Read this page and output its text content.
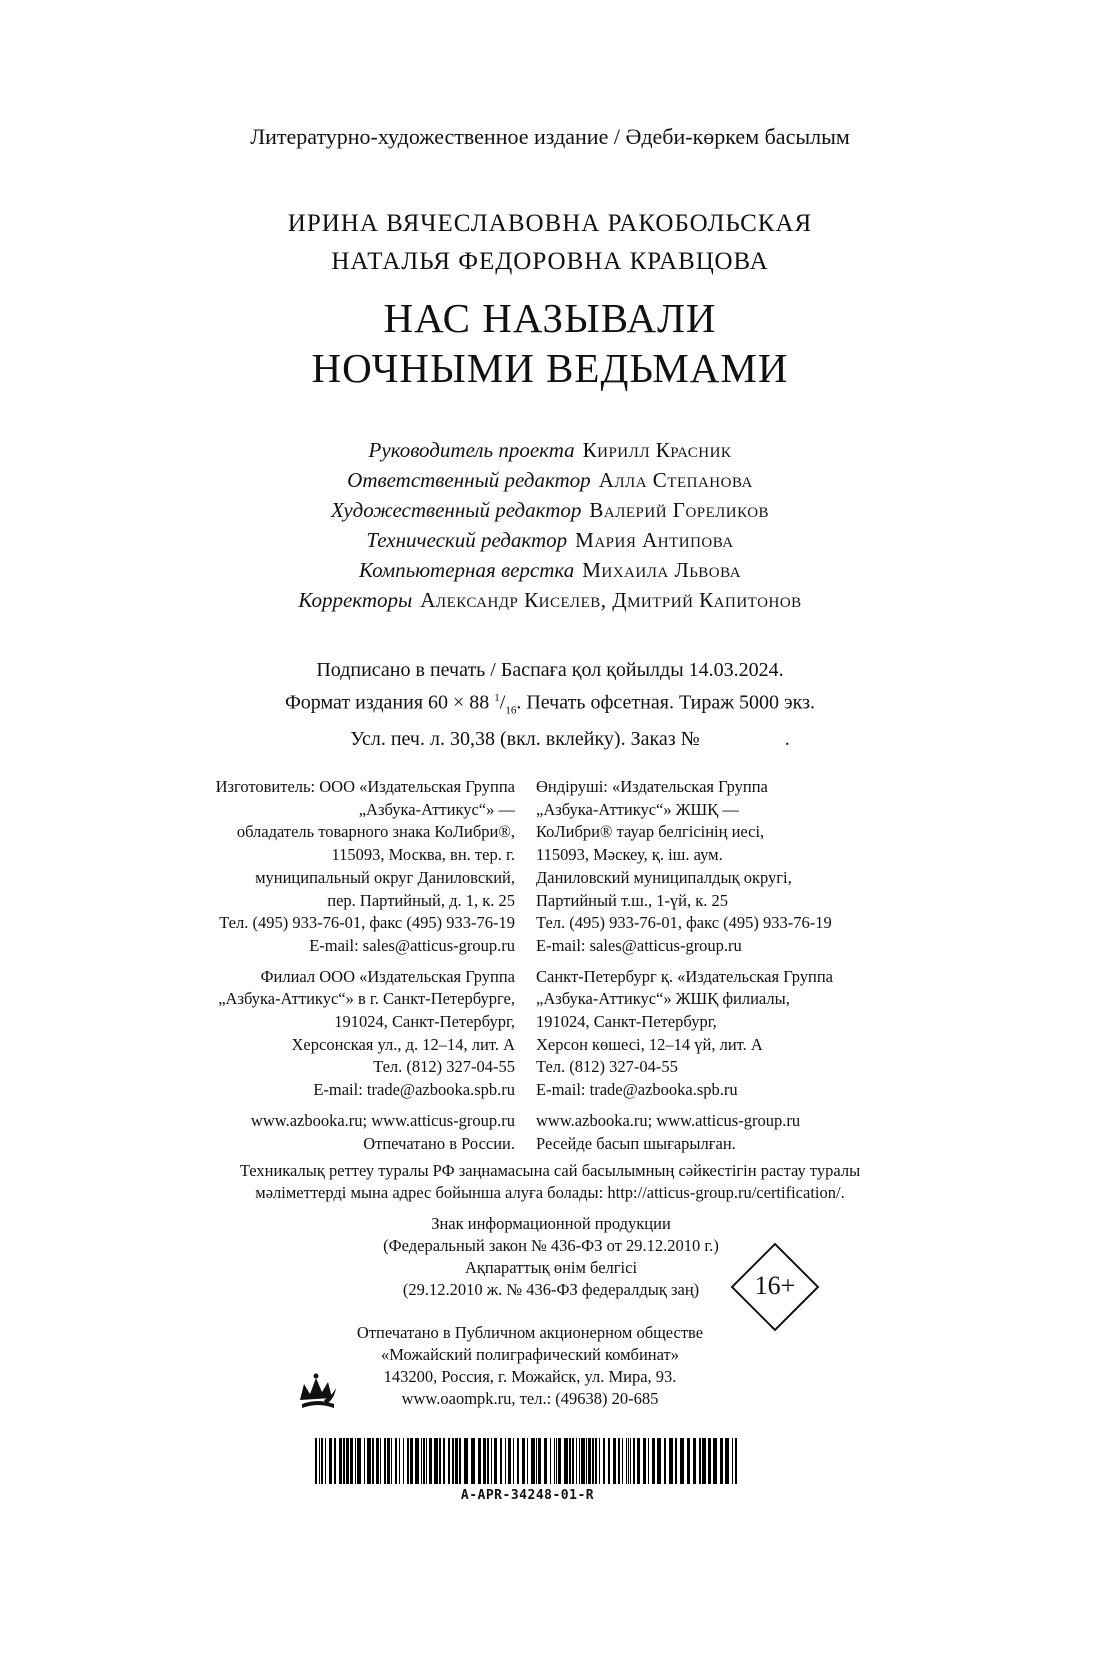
Литературно-художественное издание / Әдеби-көркем басылым
ИРИНА ВЯЧЕСЛАВОВНА РАКОБОЛЬСКАЯ
НАТАЛЬЯ ФЕДОРОВНА КРАВЦОВА
НАС НАЗЫВАЛИ
НОЧНЫМИ ВЕДЬМАМИ
Руководитель проекта Кирилл Красник
Ответственный редактор Алла Степанова
Художественный редактор Валерий Гореликов
Технический редактор Мария Антипова
Компьютерная верстка Михаила Львова
Корректоры Александр Киселев, Дмитрий Капитонов
Подписано в печать / Баспаға қол қойылды 14.03.2024.
Формат издания 60 × 88 $^1/_{16}$. Печать офсетная. Тираж 5000 экз.
Усл. печ. л. 30,38 (вкл. вклейку). Заказ №	.
Изготовитель: ООО «Издательская Группа
„Азбука-Аттикус“» —
обладатель товарного знака КоЛибри®,
115093, Москва, вн. тер. г.
муниципальный округ Даниловский,
пер. Партийный, д. 1, к. 25
Тел. (495) 933-76-01, факс (495) 933-76-19
E-mail: sales@atticus-group.ru
Филиал ООО «Издательская Группа
„Азбука-Аттикус“» в г. Санкт-Петербурге,
191024, Санкт-Петербург,
Херсонская ул., д. 12–14, лит. А
Тел. (812) 327-04-55
E-mail: trade@azbooka.spb.ru
www.azbooka.ru; www.atticus-group.ru
Отпечатано в России.
Өндіруші: «Издательская Группа
„Азбука-Аттикус“» ЖШҚ —
КоЛибри® тауар белгісінің иесі,
115093, Мәскеу, қ. іш. аум.
Даниловский муниципалдық округі,
Партийный т.ш., 1-үй, к. 25
Тел. (495) 933-76-01, факс (495) 933-76-19
E-mail: sales@atticus-group.ru
Санкт-Петербург қ. «Издательская Группа
„Азбука-Аттикус“» ЖШҚ филиалы,
191024, Санкт-Петербург,
Херсон көшесі, 12–14 үй, лит. А
Тел. (812) 327-04-55
E-mail: trade@azbooka.spb.ru
www.azbooka.ru; www.atticus-group.ru
Ресейде басып шығарылған.
Техникалық реттеу туралы РФ заңнамасына сай басылымның сәйкестігін растау туралы
мәліметтерді мына адрес бойынша алуға болады: http://atticus-group.ru/certification/.
Знак информационной продукции
(Федеральный закон № 436-ФЗ от 29.12.2010 г.)
Ақпараттық өнім белгісі
(29.12.2010 ж. № 436-ФЗ федералдық заң)	16+
Отпечатано в Публичном акционерном обществе
«Можайский полиграфический комбинат»
143200, Россия, г. Можайск, ул. Мира, 93.
www.oaompk.ru, тел.: (49638) 20-685
A-APR-34248-01-R
